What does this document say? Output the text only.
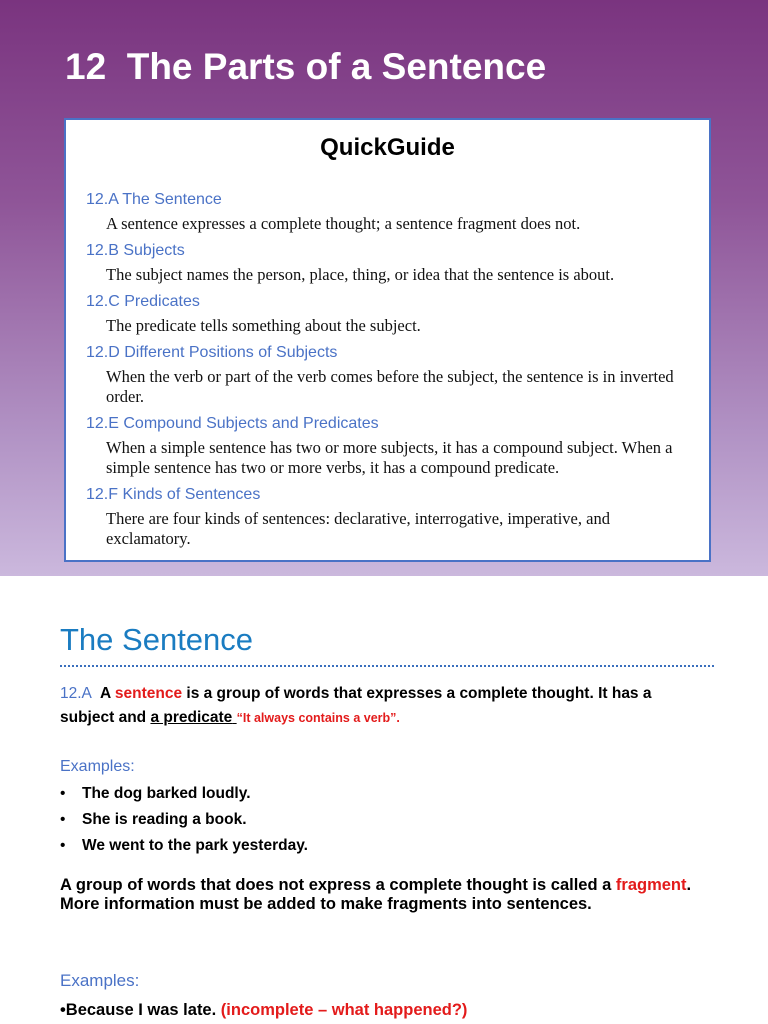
12  The Parts of a Sentence
QuickGuide

12.A The Sentence

A sentence expresses a complete thought; a sentence fragment does not.

12.B Subjects

The subject names the person, place, thing, or idea that the sentence is about.

12.C Predicates

The predicate tells something about the subject.

12.D Different Positions of Subjects

When the verb or part of the verb comes before the subject, the sentence is in inverted order.

12.E Compound Subjects and Predicates

When a simple sentence has two or more subjects, it has a compound subject. When a simple sentence has two or more verbs, it has a compound predicate.

12.F Kinds of Sentences

There are four kinds of sentences: declarative, interrogative, imperative, and exclamatory.

The Sentence
12.A A sentence is a group of words that expresses a complete thought. It has a subject and a predicate “It always contains a verb”.

Examples:

• The dog barked loudly.
• She is reading a book.
• We went to the park yesterday.
A group of words that does not express a complete thought is called a fragment. More information must be added to make fragments into sentences.

Examples:

•Because I was late. (incomplete – what happened?)
